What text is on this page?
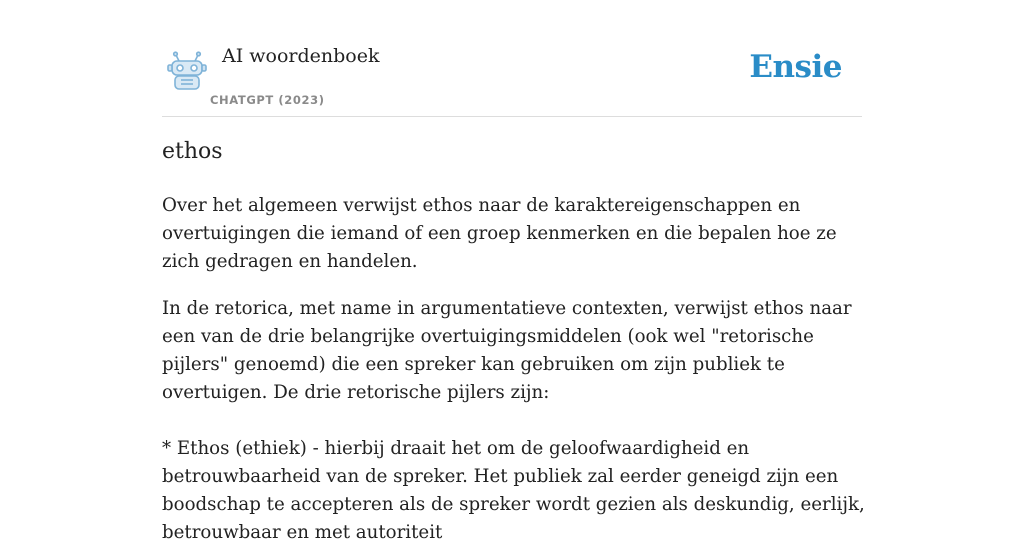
AI woordenboek
CHATGPT (2023)
Ensie
ethos

Over het algemeen verwijst ethos naar de karaktereigenschappen en overtuigingen die iemand of een groep kenmerken en die bepalen hoe ze zich gedragen en handelen.

In de retorica, met name in argumentatieve contexten, verwijst ethos naar een van de drie belangrijke overtuigingsmiddelen (ook wel "retorische pijlers" genoemd) die een spreker kan gebruiken om zijn publiek te overtuigen. De drie retorische pijlers zijn:

* Ethos (ethiek) - hierbij draait het om de geloofwaardigheid en betrouwbaarheid van de spreker. Het publiek zal eerder geneigd zijn een boodschap te accepteren als de spreker wordt gezien als deskundig, eerlijk, betrouwbaar en met autoriteit
